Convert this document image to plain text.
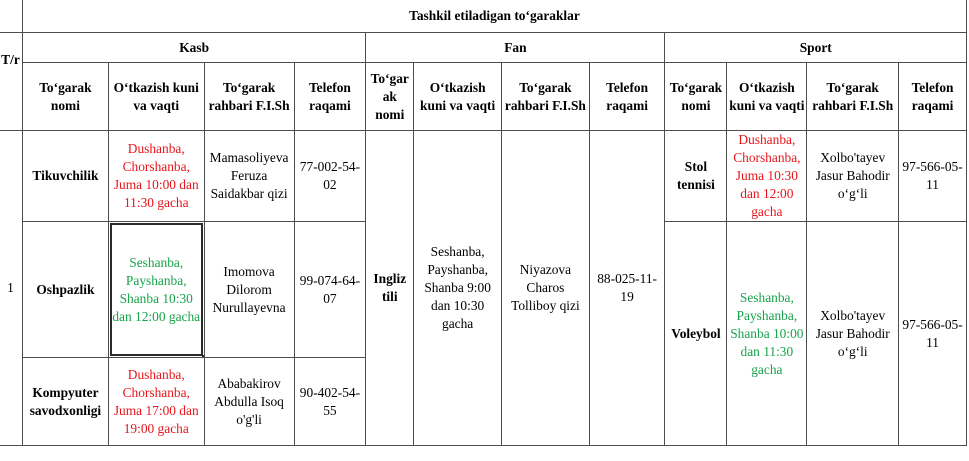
	Tashkil etiladigan to‘garaklar											
T/r	Kasb				Fan				Sport			
	To‘garak nomi	O‘tkazish kuni va vaqti	To‘garak rahbari F.I.Sh	Telefon raqami	To‘gar ak nomi	O‘tkazish kuni va vaqti	To‘garak rahbari F.I.Sh	Telefon raqami	To‘garak nomi	O‘tkazish kuni va vaqti	To‘garak rahbari F.I.Sh	Telefon raqami
1	Tikuvchilik	Dushanba, Chorshanba, Juma 10:00 dan 11:30 gacha	Mamasoliyeva Feruza Saidakbar qizi	77-002-54-02	Ingliz tili	Seshanba, Payshanba, Shanba 9:00 dan 10:30 gacha	Niyazova Charos Tolliboy qizi	88-025-11-19	Stol tennisi	Dushanba, Chorshanba, Juma 10:30 dan 12:00 gacha	Xolbo'tayev Jasur Bahodir o‘g‘li	97-566-05-11
	Oshpazlik	Seshanba, Payshanba, Shanba 10:30 dan 12:00 gacha	Imomova Dilorom Nurullayevna	99-074-64-07					Voleybol	Seshanba, Payshanba, Shanba 10:00 dan 11:30 gacha	Xolbo'tayev Jasur Bahodir o‘g‘li	97-566-05-11
	Kompyuter savodxonligi	Dushanba, Chorshanba, Juma 17:00 dan 19:00 gacha	Ababakirov Abdulla Isoq o'g'li	90-402-54-55								
